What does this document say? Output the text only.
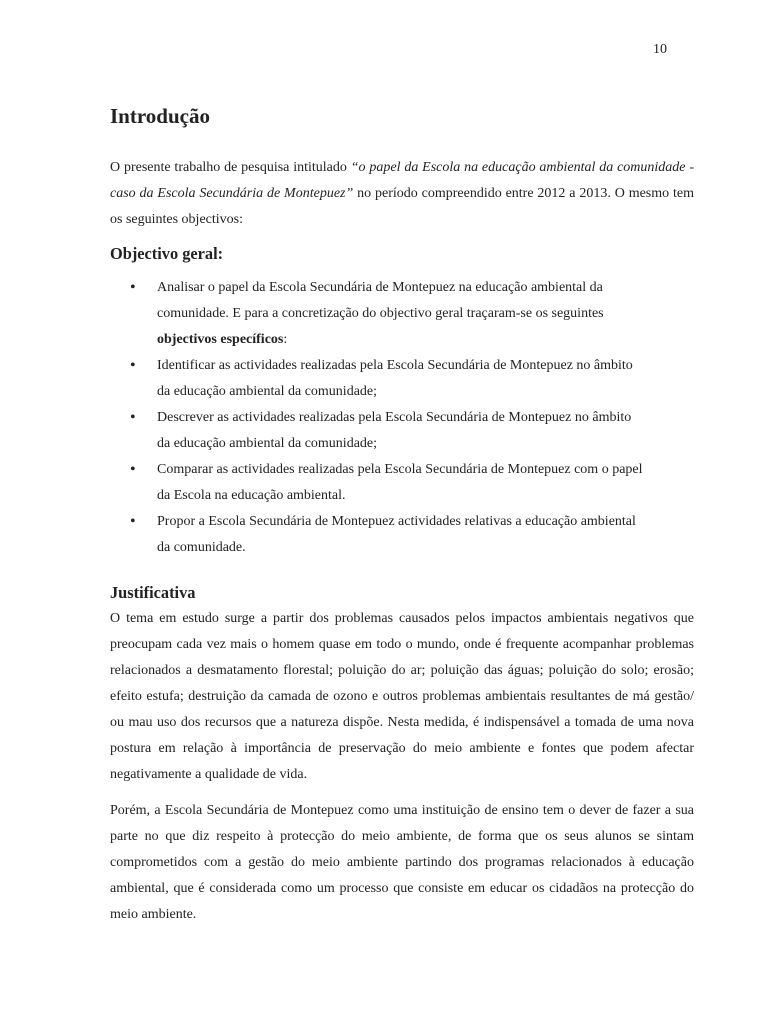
10
Introdução

O presente trabalho de pesquisa intitulado “o papel da Escola na educação ambiental da comunidade - caso da Escola Secundária de Montepuez” no período compreendido entre 2012 a 2013. O mesmo tem os seguintes objectivos:

Objectivo geral:
• Analisar o papel da Escola Secundária de Montepuez na educação ambiental da
comunidade. E para a concretização do objectivo geral traçaram-se os seguintes
objectivos específicos:
• Identificar as actividades realizadas pela Escola Secundária de Montepuez no âmbito
da educação ambiental da comunidade;
• Descrever as actividades realizadas pela Escola Secundária de Montepuez no âmbito
da educação ambiental da comunidade;
• Comparar as actividades realizadas pela Escola Secundária de Montepuez com o papel
da Escola na educação ambiental.
• Propor a Escola Secundária de Montepuez actividades relativas a educação ambiental
da comunidade.
Justificativa

O tema em estudo surge a partir dos problemas causados pelos impactos ambientais negativos que preocupam cada vez mais o homem quase em todo o mundo, onde é frequente acompanhar problemas relacionados a desmatamento florestal; poluição do ar; poluição das águas; poluição do solo; erosão; efeito estufa; destruição da camada de ozono e outros problemas ambientais resultantes de má gestão/ ou mau uso dos recursos que a natureza dispõe. Nesta medida, é indispensável a tomada de uma nova postura em relação à importância de preservação do meio ambiente e fontes que podem afectar negativamente a qualidade de vida.

Porém, a Escola Secundária de Montepuez como uma instituição de ensino tem o dever de fazer a sua parte no que diz respeito à protecção do meio ambiente, de forma que os seus alunos se sintam comprometidos com a gestão do meio ambiente partindo dos programas relacionados à educação ambiental, que é considerada como um processo que consiste em educar os cidadãos na protecção do meio ambiente.
